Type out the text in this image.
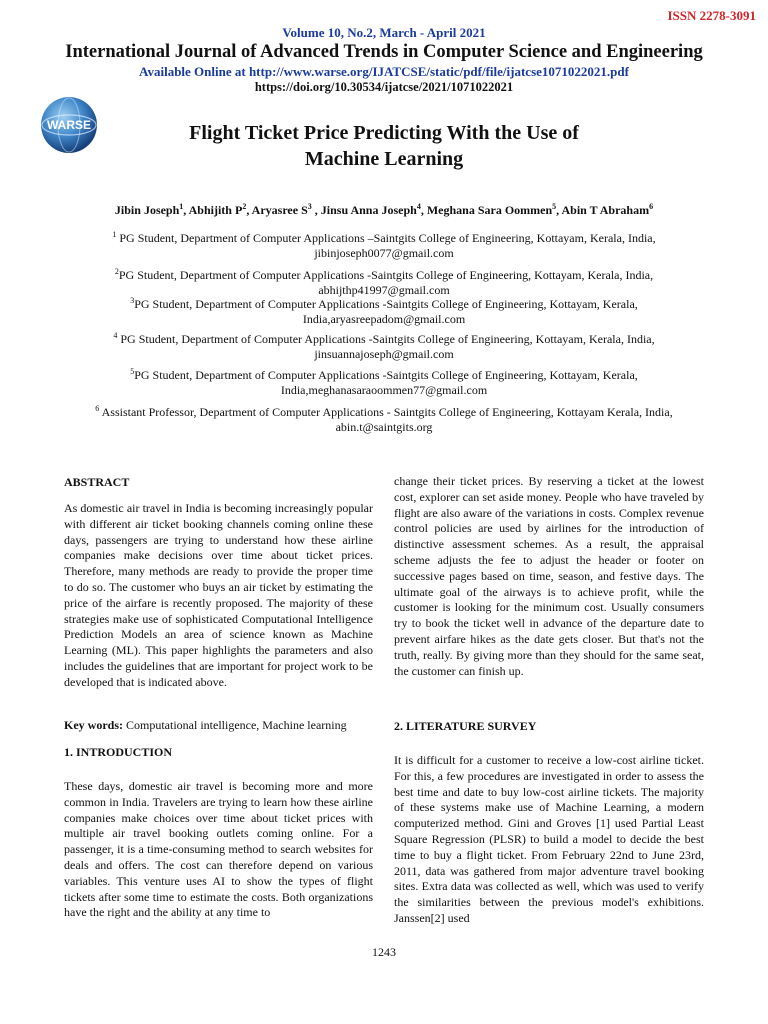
ISSN 2278-3091
Volume 10, No.2, March - April 2021
International Journal of Advanced Trends in Computer Science and Engineering
Available Online at http://www.warse.org/IJATCSE/static/pdf/file/ijatcse1071022021.pdf
https://doi.org/10.30534/ijatcse/2021/1071022021
WARSE	Flight Ticket Price Predicting With the Use of
Machine Learning
Jibin Joseph$^1$, Abhijith $P^2$, Aryasree $S^3$ , Jinsu Anna Joseph$^4$, Meghana Sara Oommen$^5$, Abin T Abraham$^6$
$^1$ PG Student, Department of Computer Applications –Saintgits College of Engineering, Kottayam, Kerala, India,
jibinjoseph0077@gmail.com
$^2$PG Student, Department of Computer Applications -Saintgits College of Engineering, Kottayam, Kerala, India,
abhijthp41997@gmail.com
$^3$PG Student, Department of Computer Applications -Saintgits College of Engineering, Kottayam, Kerala,
India,aryasreepadom@gmail.com
$^4$ PG Student, Department of Computer Applications -Saintgits College of Engineering, Kottayam, Kerala, India,
jinsuannajoseph@gmail.com
$^5$PG Student, Department of Computer Applications -Saintgits College of Engineering, Kottayam, Kerala,
India,meghanasaraoommen77@gmail.com
$^6$ Assistant Professor, Department of Computer Applications - Saintgits College of Engineering, Kottayam Kerala, India,
abin.t@saintgits.org
ABSTRACT
As domestic air travel in India is becoming increasingly popular with different air ticket booking channels coming online these days, passengers are trying to understand how these airline companies make decisions over time about ticket prices. Therefore, many methods are ready to provide the proper time to do so. The customer who buys an air ticket by estimating the price of the airfare is recently proposed. The majority of these strategies make use of sophisticated Computational Intelligence Prediction Models an area of science known as Machine Learning (ML). This paper highlights the parameters and also includes the guidelines that are important for project work to be developed that is indicated above.
Key words: Computational intelligence, Machine learning
1. INTRODUCTION
These days, domestic air travel is becoming more and more common in India. Travelers are trying to learn how these airline companies make choices over time about ticket prices with multiple air travel booking outlets coming online. For a passenger, it is a time-consuming method to search websites for deals and offers. The cost can therefore depend on various variables. This venture uses AI to show the types of flight tickets after some time to estimate the costs. Both organizations have the right and the ability at any time to
change their ticket prices. By reserving a ticket at the lowest cost, explorer can set aside money. People who have traveled by flight are also aware of the variations in costs. Complex revenue control policies are used by airlines for the introduction of distinctive assessment schemes. As a result, the appraisal scheme adjusts the fee to adjust the header or footer on successive pages based on time, season, and festive days. The ultimate goal of the airways is to achieve profit, while the customer is looking for the minimum cost. Usually consumers try to book the ticket well in advance of the departure date to prevent airfare hikes as the date gets closer. But that's not the truth, really. By giving more than they should for the same seat, the customer can finish up.
2. LITERATURE SURVEY
It is difficult for a customer to receive a low-cost airline ticket. For this, a few procedures are investigated in order to assess the best time and date to buy low-cost airline tickets. The majority of these systems make use of Machine Learning, a modern computerized method. Gini and Groves [1] used Partial Least Square Regression (PLSR) to build a model to decide the best time to buy a flight ticket. From February 22nd to June 23rd, 2011, data was gathered from major adventure travel booking sites. Extra data was collected as well, which was used to verify the similarities between the previous model's exhibitions. Janssen[2] used
1243
